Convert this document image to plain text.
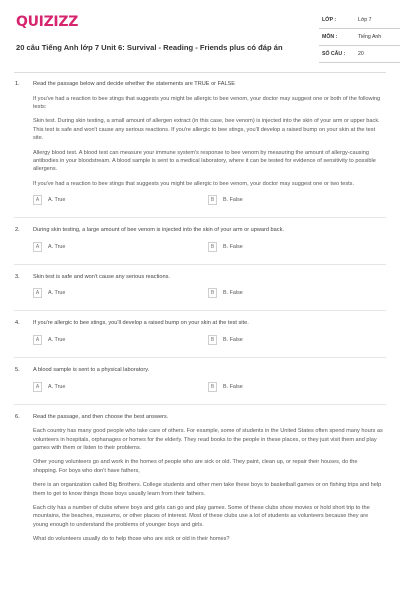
QUIZIZZ
20 câu Tiếng Anh lớp 7 Unit 6: Survival - Reading - Friends plus có đáp án
LỚP :	Lớp 7
MÔN :	Tiếng Anh
SỐ CÂU :	20
1. Read the passage below and decide whether the statements are TRUE or FALSE
If you've had a reaction to bee stings that suggests you might be allergic to bee venom, your doctor may suggest one or both of the following tests:
Skin test. During skin testing, a small amount of allergen extract (in this case, bee venom) is injected into the skin of your arm or upper back. This test is safe and won't cause any serious reactions. If you're allergic to bee stings, you'll develop a raised bump on your skin at the test site.
Allergy blood test. A blood test can measure your immune system's response to bee venom by measuring the amount of allergy-causing antibodies in your bloodstream. A blood sample is sent to a medical laboratory, where it can be tested for evidence of sensitivity to possible allergens.
If you've had a reaction to bee stings that suggests you might be allergic to bee venom, your doctor may suggest one or two tests.
A	A. True	B	B. False
2. During skin testing, a large amount of bee venom is injected into the skin of your arm or upward back.
A	A. True	B	B. False
3. Skin test is safe and won't cause any serious reactions.
A	A. True	B	B. False
4. If you're allergic to bee stings, you'll develop a raised bump on your skin at the test site.
A	A. True	B	B. False
5. A blood sample is sent to a physical laboratory.
A	A. True	B	B. False
6. Read the passage, and then choose the best answers.
Each country has many good people who take care of others. For example, some of students in the United States often spend many hours as volunteers in hospitals, orphanages or homes for the elderly. They read books to the people in these places, or they just visit them and play games with them or listen to their problems.
Other young volunteers go and work in the homes of people who are sick or old. They paint, clean up, or repair their houses, do the shopping. For boys who don't have fathers,
there is an organization called Big Brothers. College students and other men take these boys to basketball games or on fishing trips and help them to get to know things those boys usually learn from their fathers.
Each city has a number of clubs where boys and girls can go and play games. Some of these clubs show movies or hold short trip to the mountains, the beaches, museums, or other places of interest. Most of these clubs use a lot of students as volunteers because they are young enough to understand the problems of younger boys and girls.
What do volunteers usually do to help those who are sick or old in their homes?
